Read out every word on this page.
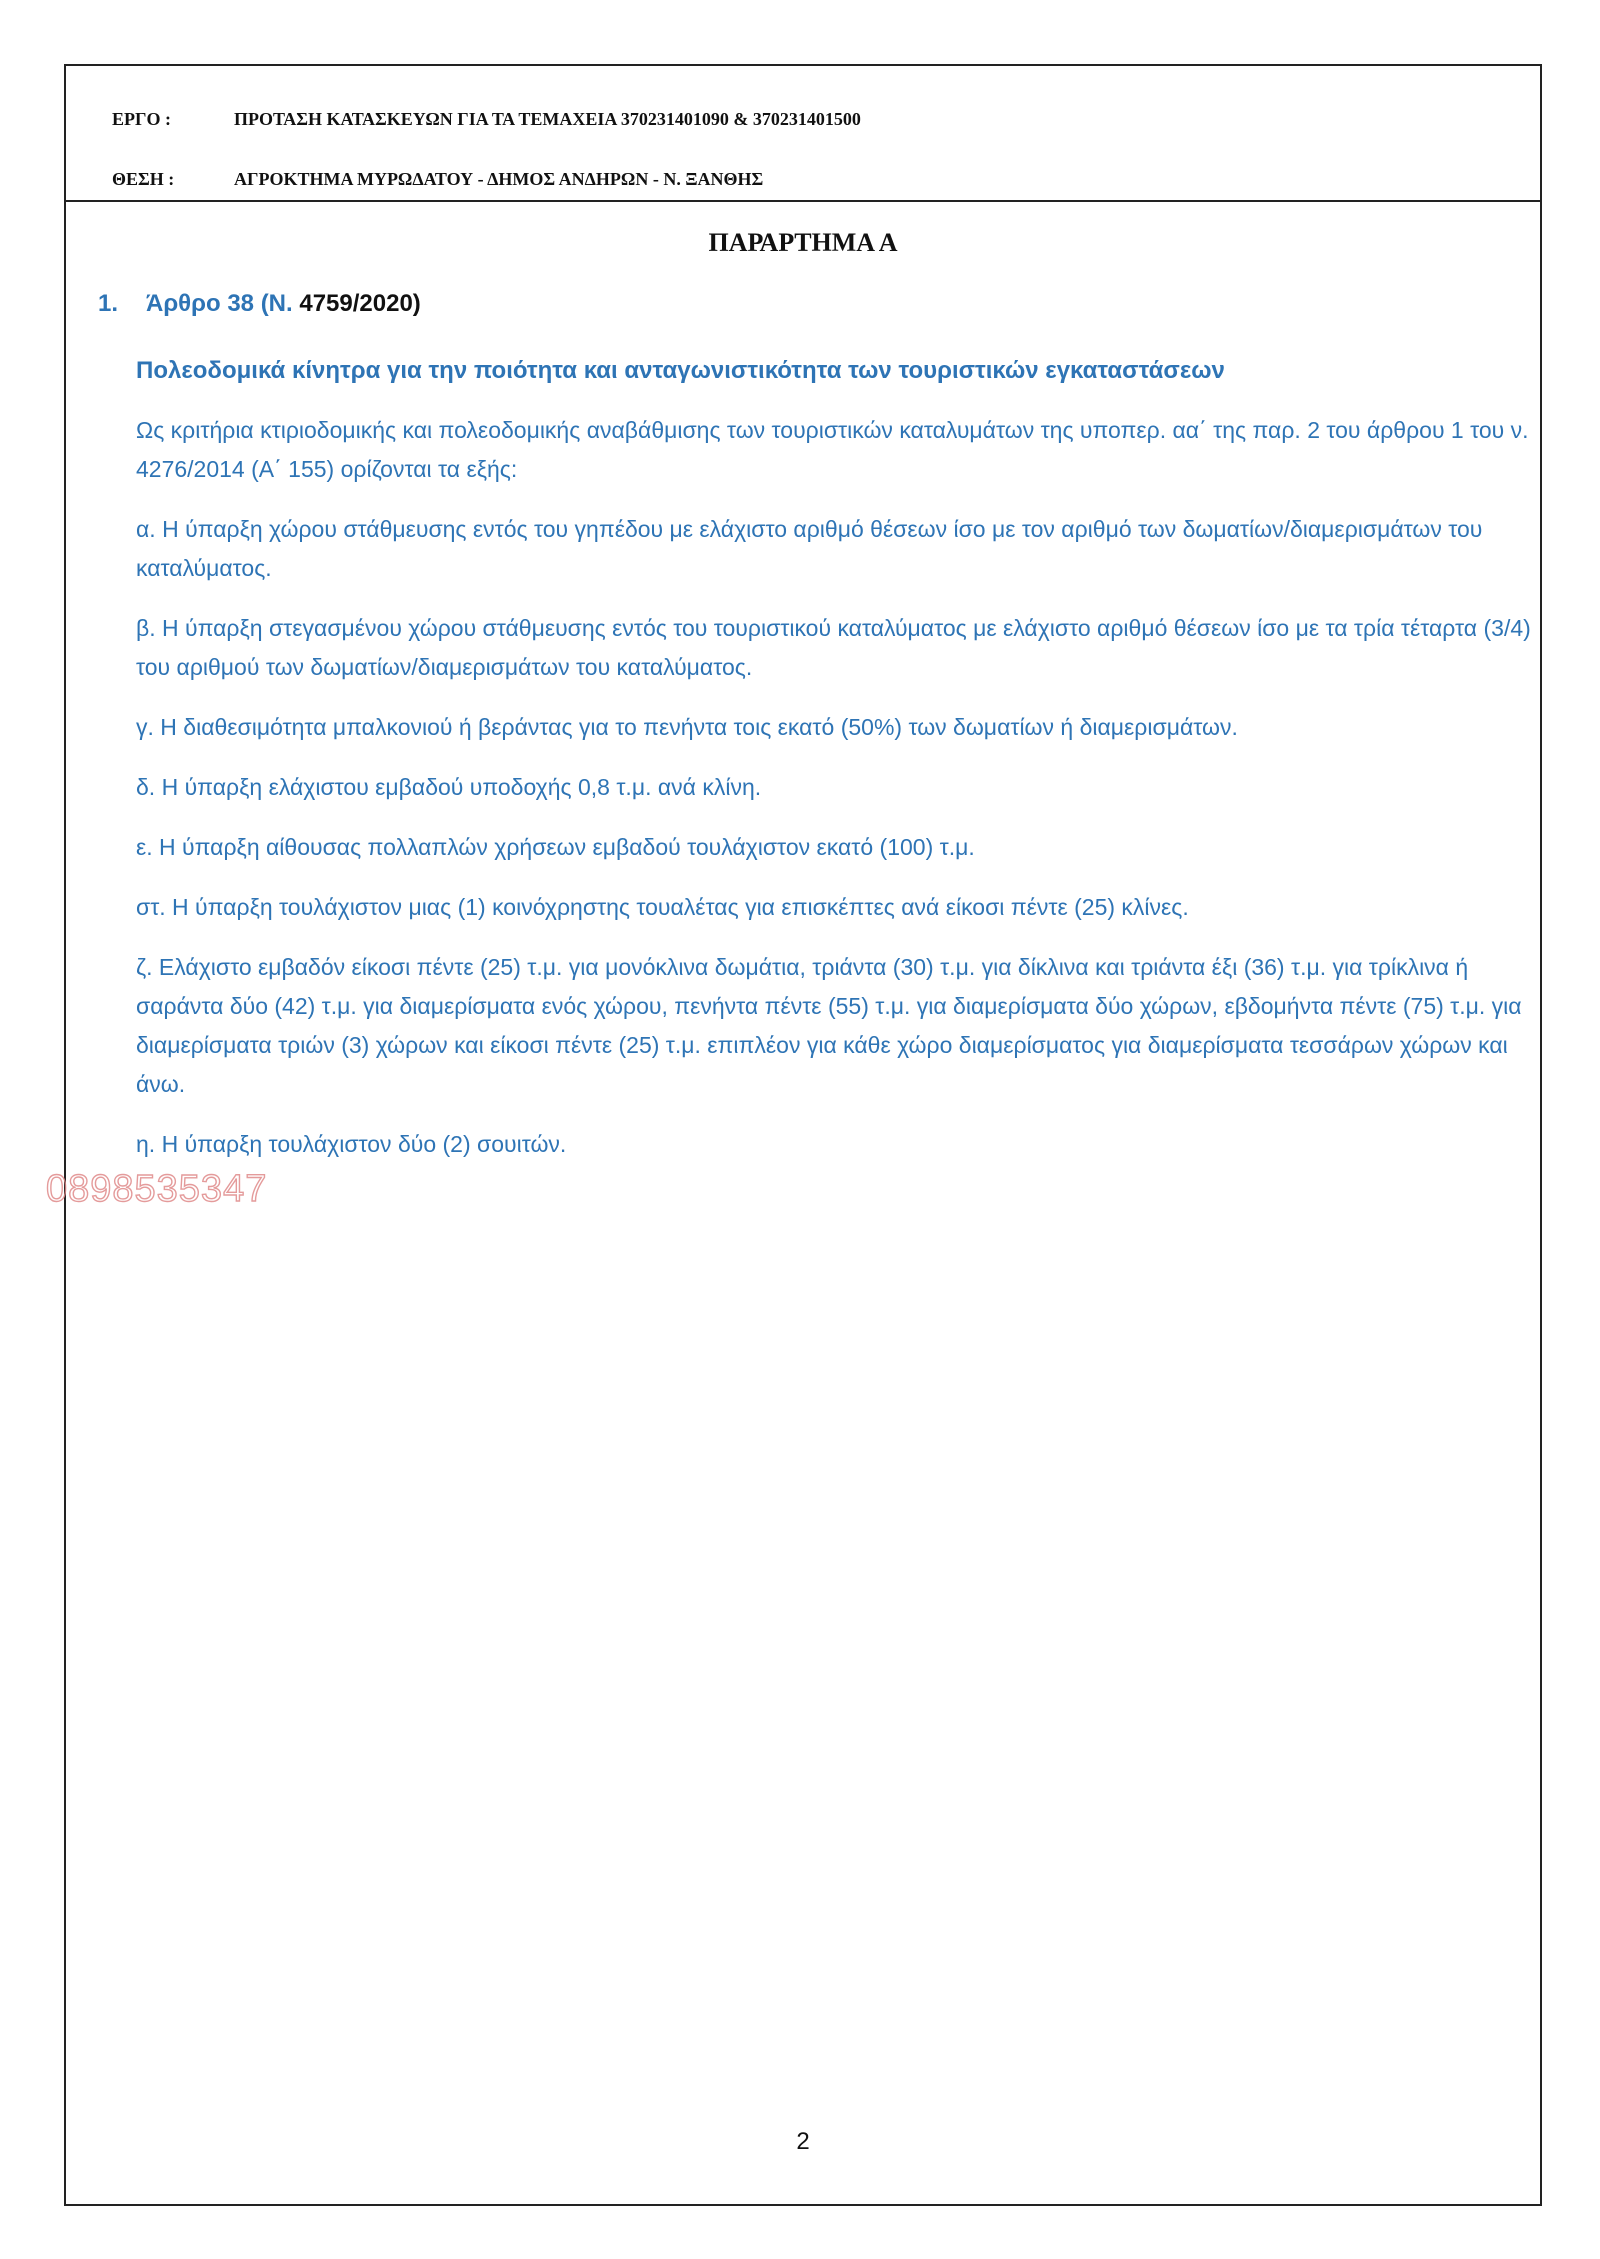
ΕΡΓΟ :	ΠΡΟΤΑΣΗ ΚΑΤΑΣΚΕΥΩΝ ΓΙΑ ΤΑ ΤΕΜΑΧΕΙΑ 370231401090 & 370231401500
ΘΕΣΗ :	ΑΓΡΟΚΤΗΜΑ ΜΥΡΩΔΑΤΟΥ - ΔΗΜΟΣ ΑΝΔΗΡΩΝ - Ν. ΞΑΝΘΗΣ
ΠΑΡΑΡΤΗΜΑ Α
1. Άρθρο 38 (Ν. 4759/2020)

Πολεοδομικά κίνητρα για την ποιότητα και ανταγωνιστικότητα των τουριστικών εγκαταστάσεων

Ως κριτήρια κτιριοδομικής και πολεοδομικής αναβάθμισης των τουριστικών καταλυμάτων της υποπερ. αα΄ της παρ. 2 του άρθρου 1 του ν. 4276/2014 (Α΄ 155) ορίζονται τα εξής:

α. Η ύπαρξη χώρου στάθμευσης εντός του γηπέδου με ελάχιστο αριθμό θέσεων ίσο με τον αριθμό των δωματίων/διαμερισμάτων του καταλύματος.

β. Η ύπαρξη στεγασμένου χώρου στάθμευσης εντός του τουριστικού καταλύματος με ελάχιστο αριθμό θέσεων ίσο με τα τρία τέταρτα (3/4) του αριθμού των δωματίων/διαμερισμάτων του καταλύματος.

γ. Η διαθεσιμότητα μπαλκονιού ή βεράντας για το πενήντα τοις εκατό (50%) των δωματίων ή διαμερισμάτων.

δ. Η ύπαρξη ελάχιστου εμβαδού υποδοχής 0,8 τ.μ. ανά κλίνη.

ε. Η ύπαρξη αίθουσας πολλαπλών χρήσεων εμβαδού τουλάχιστον εκατό (100) τ.μ.

στ. Η ύπαρξη τουλάχιστον μιας (1) κοινόχρηστης τουαλέτας για επισκέπτες ανά είκοσι πέντε (25) κλίνες.

ζ. Ελάχιστο εμβαδόν είκοσι πέντε (25) τ.μ. για μονόκλινα δωμάτια, τριάντα (30) τ.μ. για δίκλινα και τριάντα έξι (36) τ.μ. για τρίκλινα ή σαράντα δύο (42) τ.μ. για διαμερίσματα ενός χώρου, πενήντα πέντε (55) τ.μ. για διαμερίσματα δύο χώρων, εβδομήντα πέντε (75) τ.μ. για διαμερίσματα τριών (3) χώρων και είκοσι πέντε (25) τ.μ. επιπλέον για κάθε χώρο διαμερίσματος για διαμερίσματα τεσσάρων χώρων και άνω.

η. Η ύπαρξη τουλάχιστον δύο (2) σουιτών.

0898535347
2
